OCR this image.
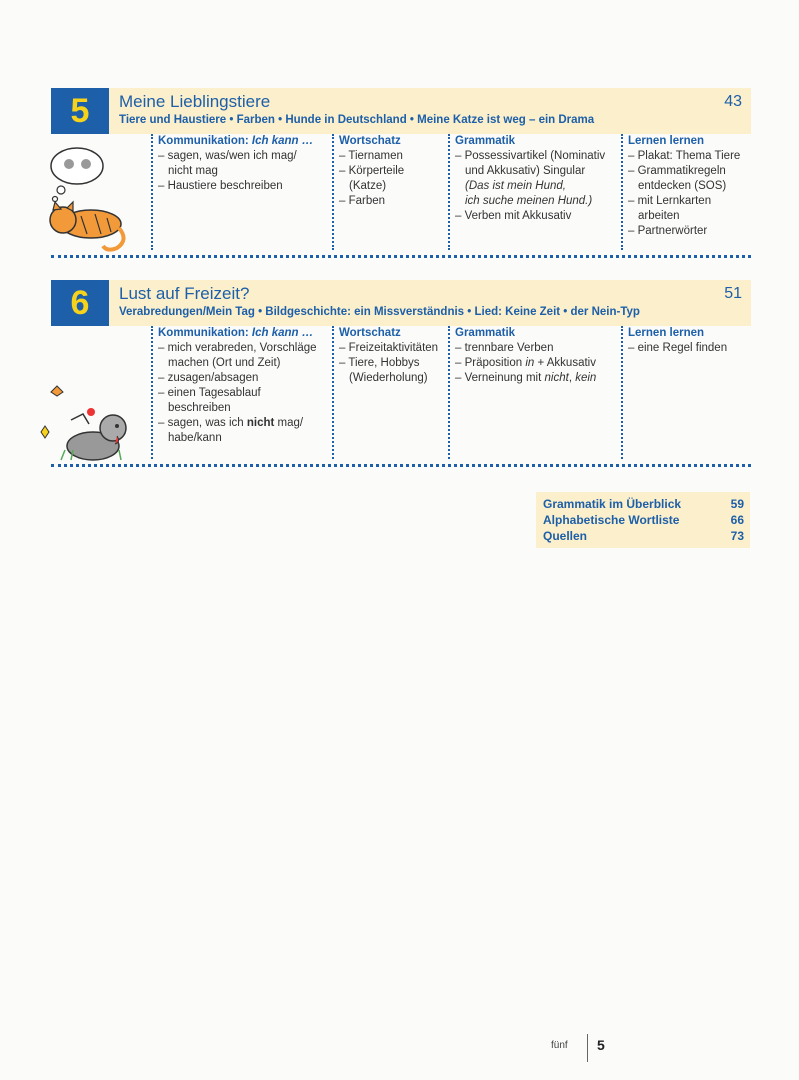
5	Meine Lieblingstiere	43
Tiere und Haustiere • Farben • Hunde in Deutschland • Meine Katze ist weg – ein Drama
Kommunikation: Ich kann …
– sagen, was/wen ich mag/
nicht mag
– Haustiere beschreiben
Wortschatz
– Tiernamen
– Körperteile
(Katze)
– Farben
Grammatik
– Possessivartikel (Nominativ
und Akkusativ) Singular
(Das ist mein Hund,
ich suche meinen Hund.)
– Verben mit Akkusativ
Lernen lernen
– Plakat: Thema Tiere
– Grammatikregeln
entdecken (SOS)
– mit Lernkarten
arbeiten
– Partnerwörter
6	Lust auf Freizeit?	51
Verabredungen/Mein Tag • Bildgeschichte: ein Missverständnis • Lied: Keine Zeit • der Nein-Typ
Kommunikation: Ich kann …
– mich verabreden, Vorschläge
machen (Ort und Zeit)
– zusagen/absagen
– einen Tagesablauf
beschreiben
– sagen, was ich nicht mag/
habe/kann
Wortschatz
– Freizeitaktivitäten
– Tiere, Hobbys
(Wiederholung)
Grammatik
– trennbare Verben
– Präposition in + Akkusativ
– Verneinung mit nicht, kein
Lernen lernen
– eine Regel finden
Grammatik im Überblick	59
Alphabetische Wortliste	66
Quellen	73
fünf 5
